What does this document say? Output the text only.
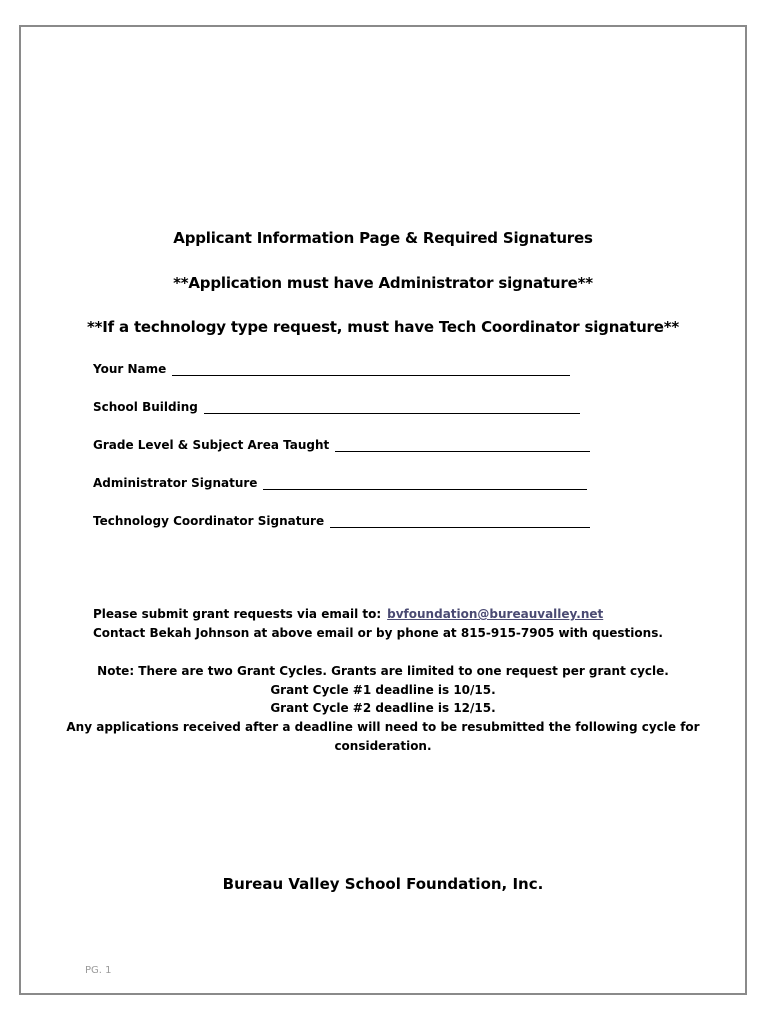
Applicant Information Page & Required Signatures
**Application must have Administrator signature**
**If a technology type request, must have Tech Coordinator signature**
Your Name
School Building
Grade Level & Subject Area Taught
Administrator Signature
Technology Coordinator Signature
Please submit grant requests via email to: bvfoundation@bureauvalley.net
Contact Bekah Johnson at above email or by phone at 815-915-7905 with questions.
Note: There are two Grant Cycles. Grants are limited to one request per grant cycle.
Grant Cycle #1 deadline is 10/15.
Grant Cycle #2 deadline is 12/15.
Any applications received after a deadline will need to be resubmitted the following cycle for
consideration.
Bureau Valley School Foundation, Inc.
PG. 1
